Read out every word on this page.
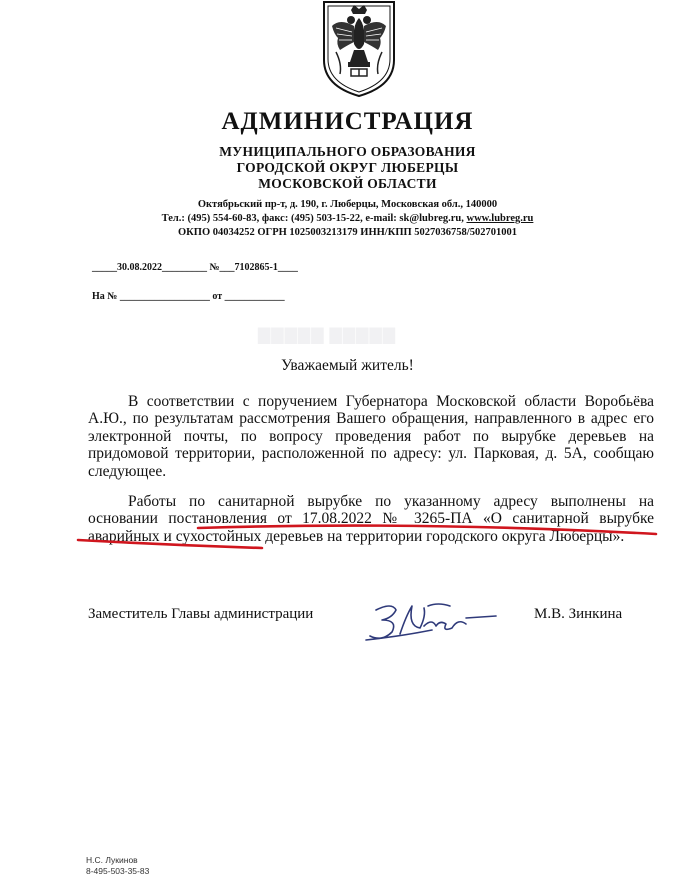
▇▇▇▇▇ ▇▇▇▇▇
АДМИНИСТРАЦИЯ
МУНИЦИПАЛЬНОГО ОБРАЗОВАНИЯ
ГОРОДСКОЙ ОКРУГ ЛЮБЕРЦЫ
МОСКОВСКОЙ ОБЛАСТИ
Октябрьский пр-т, д. 190, г. Люберцы, Московская обл., 140000
Тел.: (495) 554-60-83, факс: (495) 503-15-22, e-mail: sk@lubreg.ru, www.lubreg.ru
ОКПО 04034252 ОГРН 1025003213179 ИНН/КПП 5027036758/502701001
_____30.08.2022_________ №___7102865-1____
На № __________________ от ____________
Уважаемый житель!

В соответствии с поручением Губернатора Московской области Воробьёва А.Ю., по результатам рассмотрения Вашего обращения, направленного в адрес его электронной почты, по вопросу проведения работ по вырубке деревьев на придомовой территории, расположенной по адресу: ул. Парковая, д. 5А, сообщаю следующее.

Работы по санитарной вырубке по указанному адресу выполнены на основании постановления от 17.08.2022 № 3265-ПА «О санитарной вырубке аварийных и сухостойных деревьев на территории городского округа Люберцы».

Заместитель Главы администрации	М.В. Зинкина
Н.С. Лукинов
8-495-503-35-83
